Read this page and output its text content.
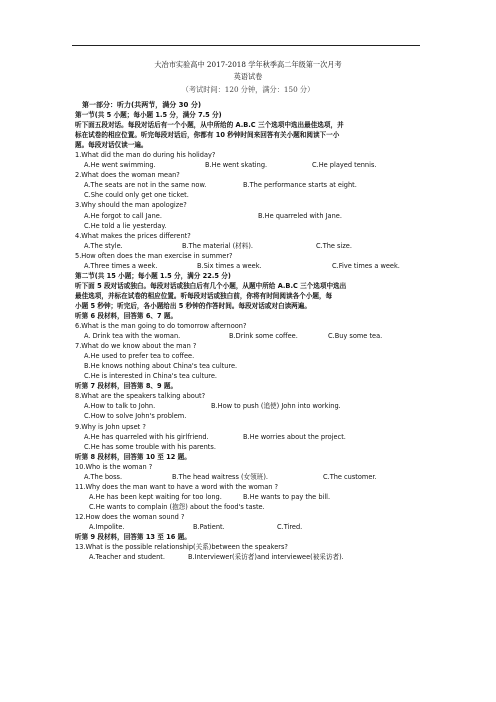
大冶市实验高中 2017-2018 学年秋季高二年级第一次月考
英语试卷
（考试时间：120 分钟，满分：150 分）
第一部分：听力(共两节，满分 30 分)
第一节(共 5 小题；每小题 1.5 分，满分 7.5 分)
听下面五段对话。每段对话后有一个小题，从中所给的 A.B.C 三个选项中选出最佳选项，并
标在试卷的相应位置。听完每段对话后，你都有 10 秒钟时间来回答有关小题和阅读下一小
题。每段对话仅读一遍。
1.What did the man do during his holiday?
A.He went swimming.	B.He went skating.	C.He played tennis.
2.What does the woman mean?
A.The seats are not in the same now.	B.The performance starts at eight.
C.She could only get one ticket.
3.Why should the man apologize?
A.He forgot to call Jane.	B.He quarreled with Jane.
C.He told a lie yesterday.
4.What makes the prices different?
A.The style.	B.The material (材料).	C.The size.
5.How often does the man exercise in summer?
A.Three times a week.	B.Six times a week.	C.Five times a week.
第二节(共 15 小题；每小题 1.5 分，满分 22.5 分)
听下面 5 段对话或独白。每段对话或独白后有几个小题，从题中所给 A.B.C 三个选项中选出
最佳选项，并标在试卷的相应位置。听每段对话或独白前，你将有时间阅读各个小题，每
小题 5 秒钟；听完后，各小题给出 5 秒钟的作答时间。每段对话或对白读两遍。
听第 6 段材料，回答第 6、7 题。
6.What is the man going to do tomorrow afternoon?
A. Drink tea with the woman.	B.Drink some coffee.	C.Buy some tea.
7.What do we know about the man ?
A.He used to prefer tea to coffee.
B.He knows nothing about China's tea culture.
C.He is interested in China's tea culture.
听第 7 段材料，回答第 8、9 题。
8.What are the speakers talking about?
A.How to talk to John.	B.How to push (追使) John into working.
C.How to solve John's problem.
9.Why is John upset ?
A.He has quarreled with his girlfriend.	B.He worries about the project.
C.He has some trouble with his parents.
听第 8 段材料，回答第 10 至 12 题。
10.Who is the woman ?
A.The boss.	B.The head waitress (女领班).	C.The customer.
11.Why does the man want to have a word with the woman ?
A.He has been kept waiting for too long.	B.He wants to pay the bill.
C.He wants to complain (抱怨) about the food's taste.
12.How does the woman sound ?
A.Impolite.	B.Patient.	C.Tired.
听第 9 段材料，回答第 13 至 16 题。
13.What is the possible relationship(关系)between the speakers?
A.Teacher and student.	B.Interviewer(采访者)and interviewee(被采访者).
